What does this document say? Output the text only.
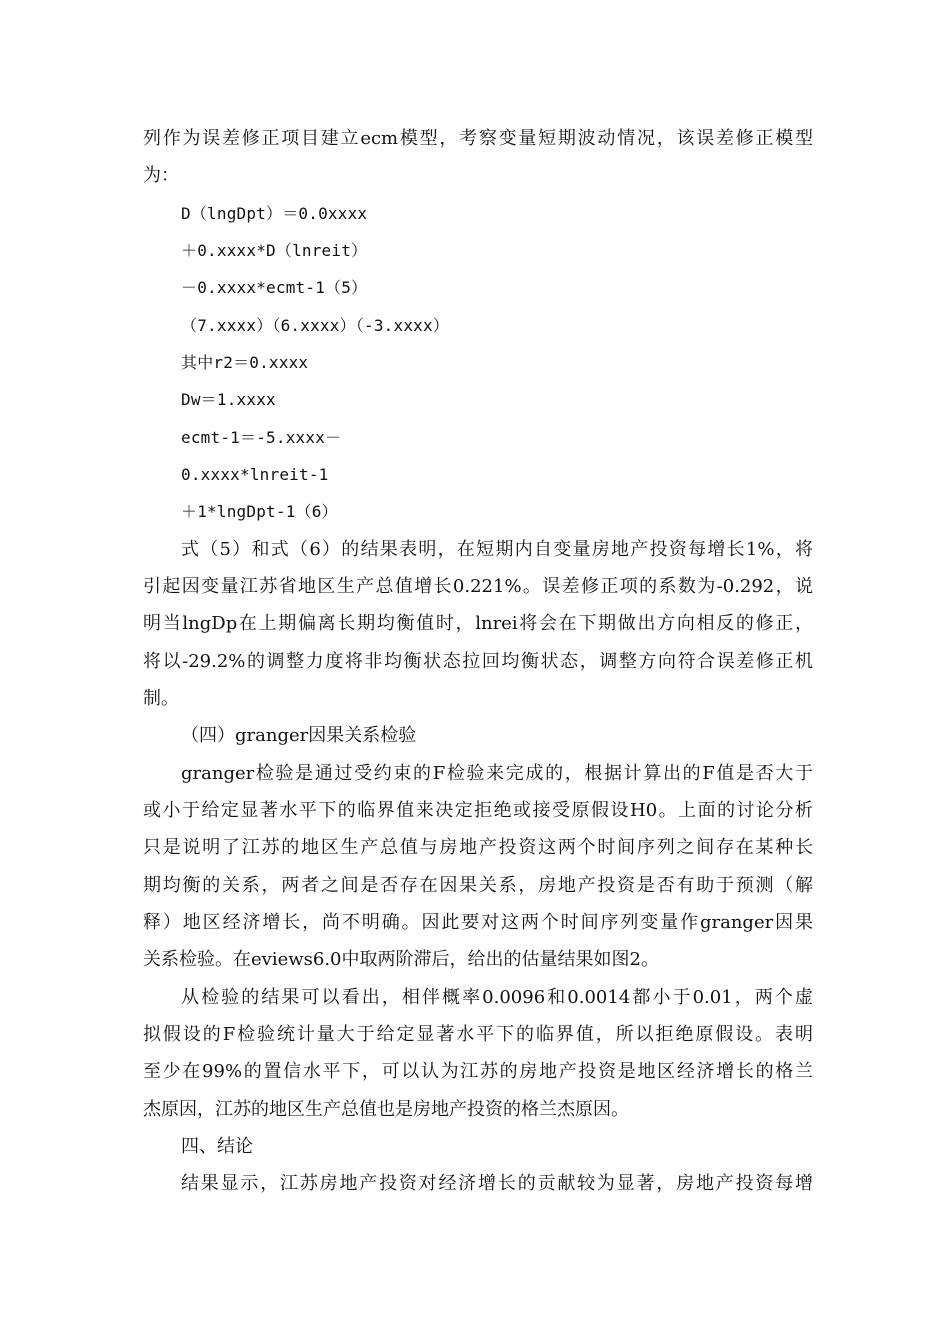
列作为误差修正项目建立ecm模型，考察变量短期波动情况，该误差修正模型
为：
D（lngDpt）＝0.0xxxx
＋0.xxxx*D（lnreit）
－0.xxxx*ecmt-1（5）
（7.xxxx）（6.xxxx）（-3.xxxx）
其中r2＝0.xxxx
Dw＝1.xxxx
ecmt-1＝-5.xxxx－
0.xxxx*lnreit-1
＋1*lngDpt-1（6）
式（5）和式（6）的结果表明，在短期内自变量房地产投资每增长1%，将
引起因变量江苏省地区生产总值增长0.221%。误差修正项的系数为-0.292，说
明当lngDp在上期偏离长期均衡值时，lnrei将会在下期做出方向相反的修正，
将以-29.2%的调整力度将非均衡状态拉回均衡状态，调整方向符合误差修正机
制。
（四）granger因果关系检验
granger检验是通过受约束的F检验来完成的，根据计算出的F值是否大于
或小于给定显著水平下的临界值来决定拒绝或接受原假设H0。上面的讨论分析
只是说明了江苏的地区生产总值与房地产投资这两个时间序列之间存在某种长
期均衡的关系，两者之间是否存在因果关系，房地产投资是否有助于预测（解
释）地区经济增长，尚不明确。因此要对这两个时间序列变量作granger因果
关系检验。在eviews6.0中取两阶滞后，给出的估量结果如图2。
从检验的结果可以看出，相伴概率0.0096和0.0014都小于0.01，两个虚
拟假设的F检验统计量大于给定显著水平下的临界值，所以拒绝原假设。表明
至少在99%的置信水平下，可以认为江苏的房地产投资是地区经济增长的格兰
杰原因，江苏的地区生产总值也是房地产投资的格兰杰原因。
四、结论
结果显示，江苏房地产投资对经济增长的贡献较为显著，房地产投资每增
